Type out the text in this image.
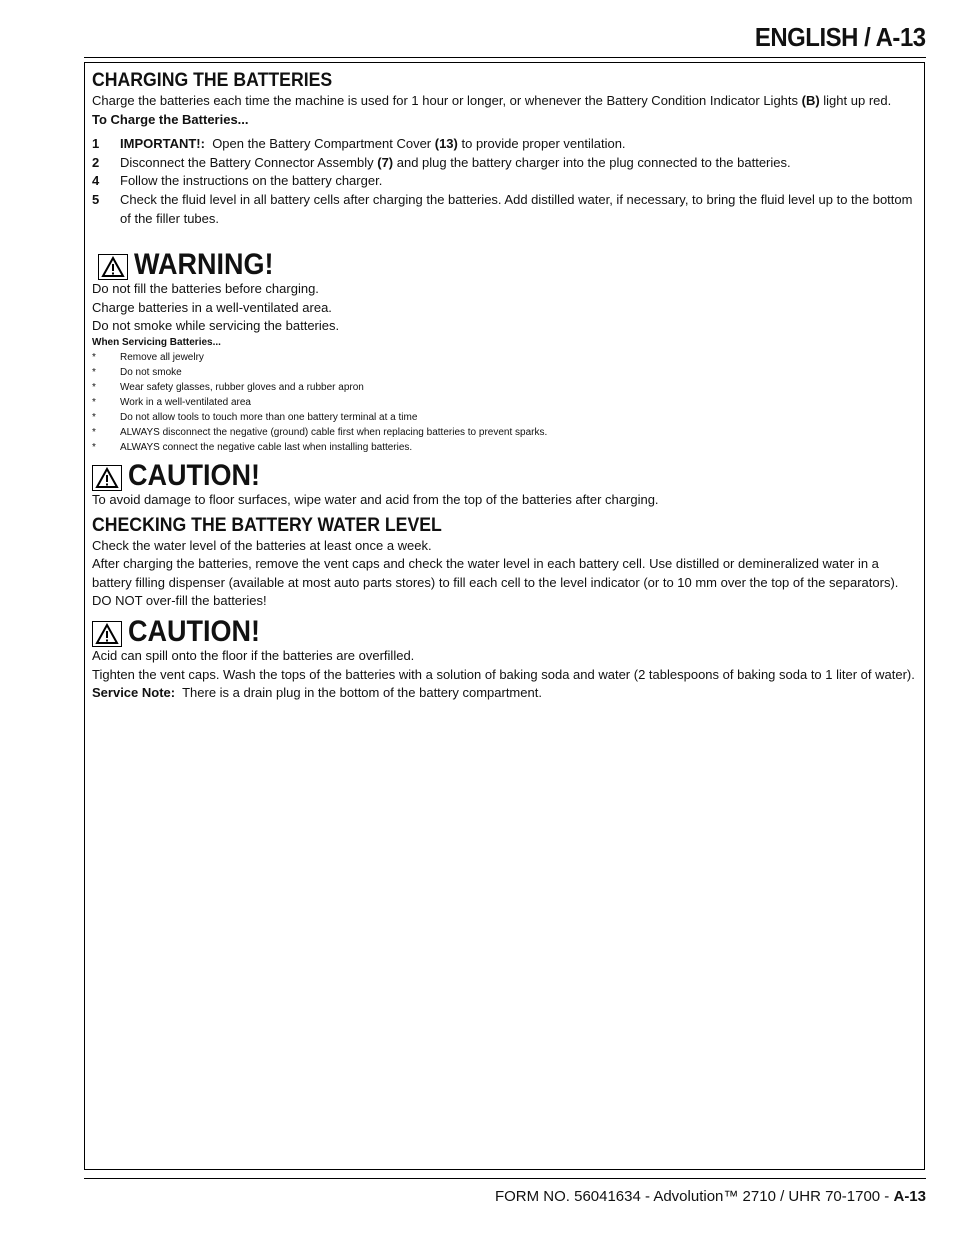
ENGLISH / A-13
CHARGING THE BATTERIES

Charge the batteries each time the machine is used for 1 hour or longer, or whenever the Battery Condition Indicator Lights (B) light up red.

To Charge the Batteries...

1	IMPORTANT!:  Open the Battery Compartment Cover (13) to provide proper ventilation.
2	Disconnect the Battery Connector Assembly (7) and plug the battery charger into the plug connected to the batteries.
4	Follow the instructions on the battery charger.
5	Check the fluid level in all battery cells after charging the batteries. Add distilled water, if necessary, to bring the fluid level up to the bottom of the filler tubes.
WARNING!

Do not fill the batteries before charging.

Charge batteries in a well-ventilated area.

Do not smoke while servicing the batteries.

When Servicing Batteries...
*	Remove all jewelry
*	Do not smoke
*	Wear safety glasses, rubber gloves and a rubber apron
*	Work in a well-ventilated area
*	Do not allow tools to touch more than one battery terminal at a time
*	ALWAYS disconnect the negative (ground) cable first when replacing batteries to prevent sparks.
*	ALWAYS connect the negative cable last when installing batteries.
CAUTION!

To avoid damage to floor surfaces, wipe water and acid from the top of the batteries after charging.

CHECKING THE BATTERY WATER LEVEL

Check the water level of the batteries at least once a week.

After charging the batteries, remove the vent caps and check the water level in each battery cell. Use distilled or demineralized water in a battery filling dispenser (available at most auto parts stores) to fill each cell to the level indicator (or to 10 mm over the top of the separators). DO NOT over-fill the batteries!

CAUTION!

Acid can spill onto the floor if the batteries are overfilled.

Tighten the vent caps. Wash the tops of the batteries with a solution of baking soda and water (2 tablespoons of baking soda to 1 liter of water).

Service Note:  There is a drain plug in the bottom of the battery compartment.

FORM NO. 56041634 - Advolution™ 2710 / UHR 70-1700 - A-13
